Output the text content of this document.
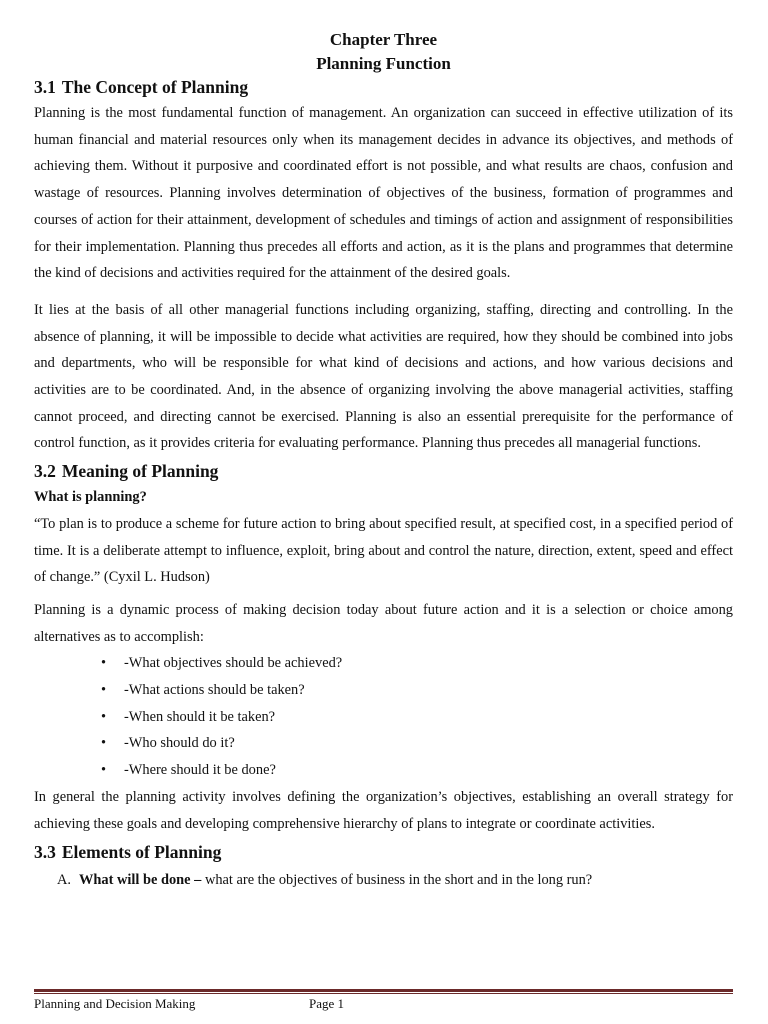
Chapter Three
Planning Function
3.1 The Concept of Planning

Planning is the most fundamental function of management. An organization can succeed in effective utilization of its human financial and material resources only when its management decides in advance its objectives, and methods of achieving them. Without it purposive and coordinated effort is not possible, and what results are chaos, confusion and wastage of resources. Planning involves determination of objectives of the business, formation of programmes and courses of action for their attainment, development of schedules and timings of action and assignment of responsibilities for their implementation. Planning thus precedes all efforts and action, as it is the plans and programmes that determine the kind of decisions and activities required for the attainment of the desired goals.

It lies at the basis of all other managerial functions including organizing, staffing, directing and controlling. In the absence of planning, it will be impossible to decide what activities are required, how they should be combined into jobs and departments, who will be responsible for what kind of decisions and actions, and how various decisions and activities are to be coordinated. And, in the absence of organizing involving the above managerial activities, staffing cannot proceed, and directing cannot be exercised. Planning is also an essential prerequisite for the performance of control function, as it provides criteria for evaluating performance. Planning thus precedes all managerial functions.

3.2 Meaning of Planning
What is planning?

“To plan is to produce a scheme for future action to bring about specified result, at specified cost, in a specified period of time. It is a deliberate attempt to influence, exploit, bring about and control the nature, direction, extent, speed and effect of change.” (Cyxil L. Hudson)

Planning is a dynamic process of making decision today about future action and it is a selection or choice among alternatives as to accomplish:

• -What objectives should be achieved?
• -What actions should be taken?
• -When should it be taken?
• -Who should do it?
• -Where should it be done?

In general the planning activity involves defining the organization’s objectives, establishing an overall strategy for achieving these goals and developing comprehensive hierarchy of plans to integrate or coordinate activities.

3.3 Elements of Planning
A. What will be done – what are the objectives of business in the short and in the long run?
Planning and Decision Making	Page 1
